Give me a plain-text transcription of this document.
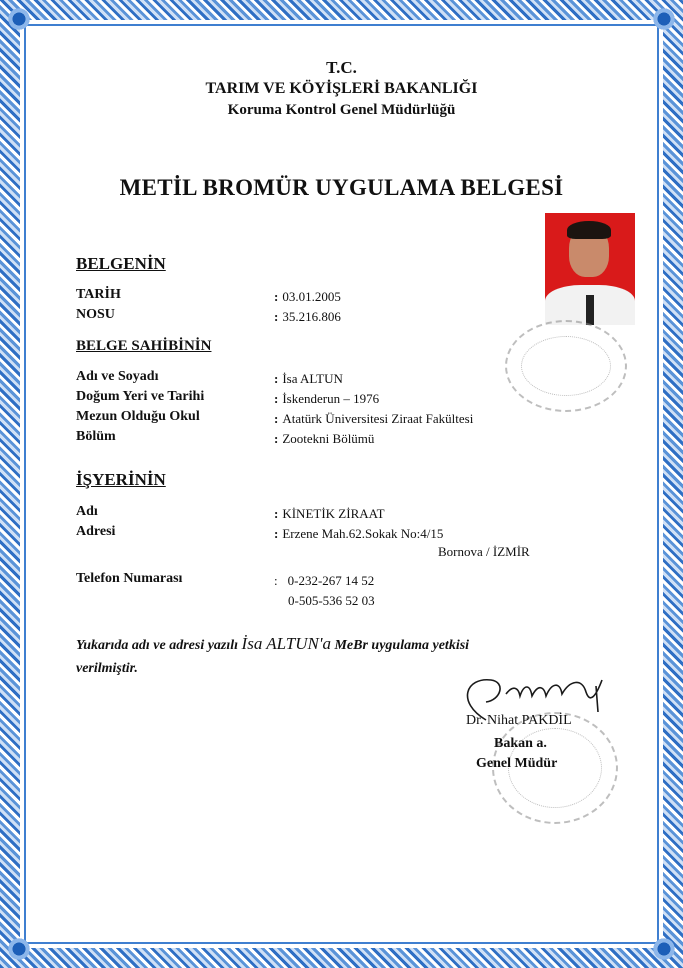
T.C.
TARIM VE KÖYİŞLERİ BAKANLIĞI
Koruma Kontrol Genel Müdürlüğü
METİL BROMÜR UYGULAMA BELGESİ
BELGENİN
TARİH	: 03.01.2005
NOSU	: 35.216.806
BELGE SAHİBİNİN
Adı ve Soyadı	: İsa ALTUN
Doğum Yeri ve Tarihi	: İskenderun – 1976
Mezun Olduğu Okul	: Atatürk Üniversitesi Ziraat Fakültesi
Bölüm	: Zootekni Bölümü
İŞYERİNİN
Adı	: KİNETİK ZİRAAT
Adresi	: Erzene Mah.62.Sokak No:4/15
Bornova / İZMİR
Telefon Numarası	: 0-232-267 14 52
0-505-536 52 03
Yukarıda adı ve adresi yazılı İsa ALTUN'a MeBr uygulama yetkisi
verilmiştir.
Dr. Nihat PAKDİL
Bakan a.
Genel Müdür
